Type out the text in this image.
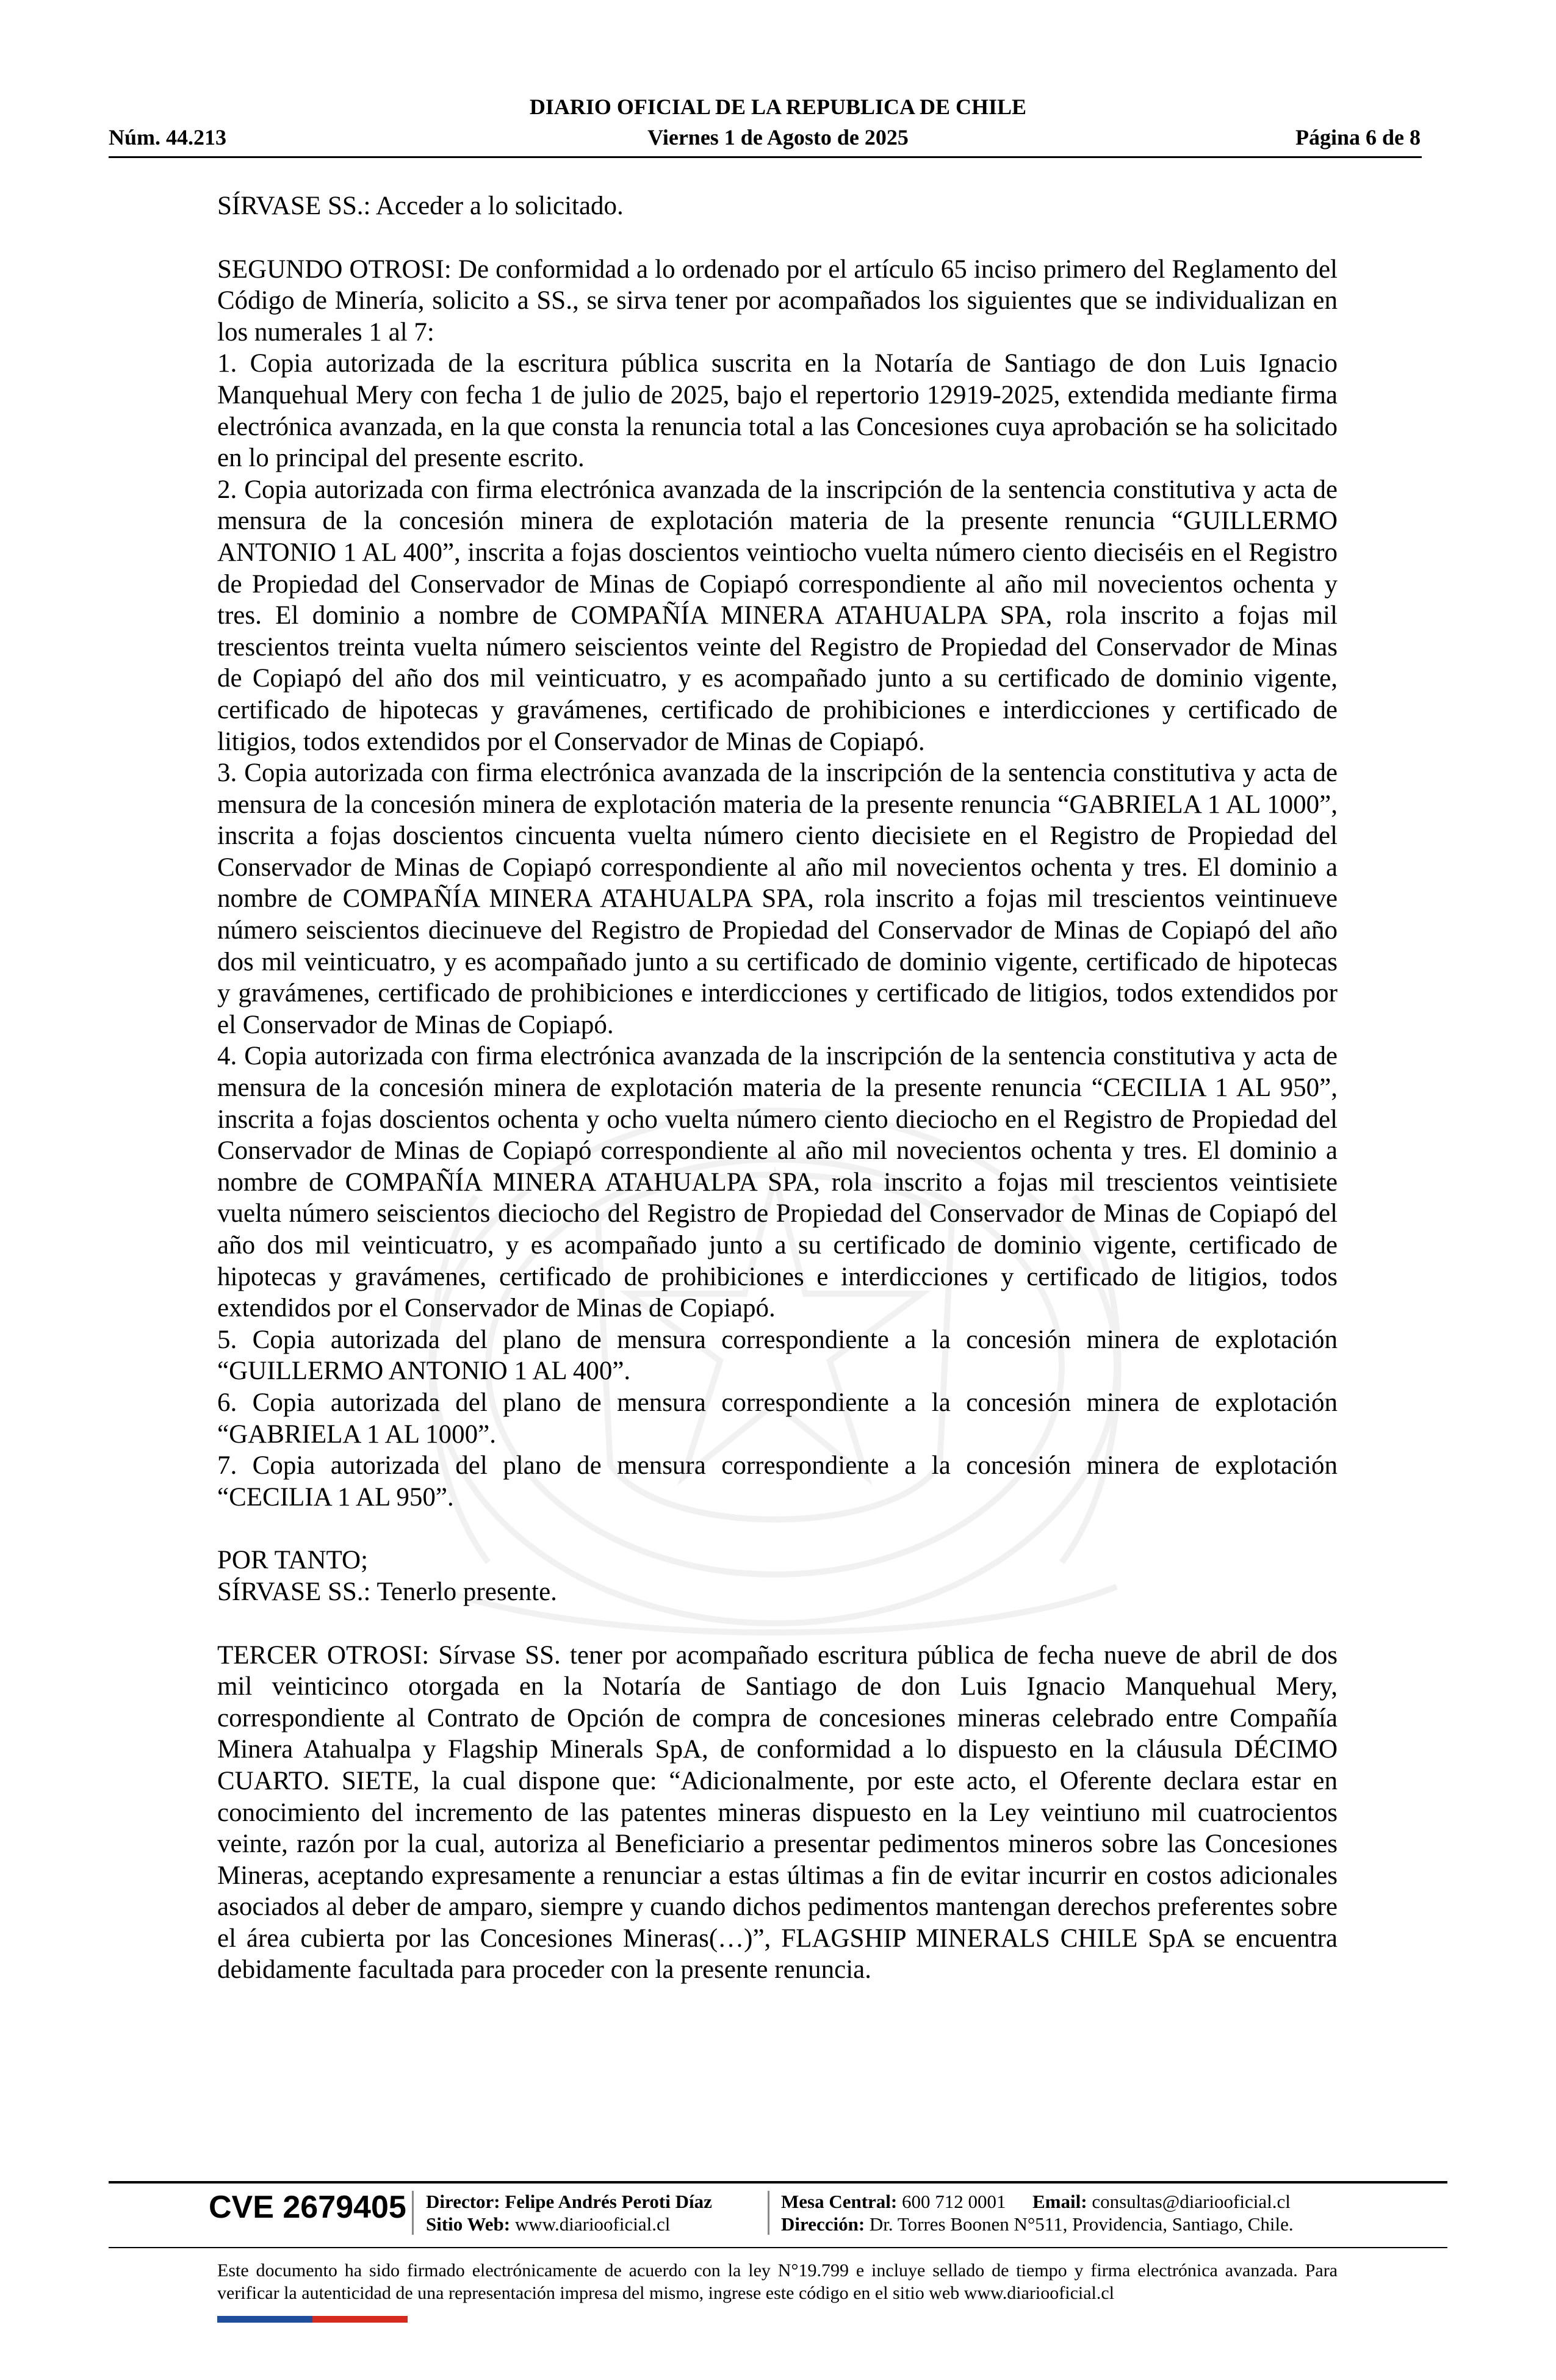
DIARIO OFICIAL DE LA REPUBLICA DE CHILE
Núm. 44.213	Viernes 1 de Agosto de 2025	Página 6 de 8

SÍRVASE SS.: Acceder a lo solicitado.

SEGUNDO OTROSI: De conformidad a lo ordenado por el artículo 65 inciso primero del Reglamento del Código de Minería, solicito a SS., se sirva tener por acompañados los siguientes que se individualizan en los numerales 1 al 7:

1. Copia autorizada de la escritura pública suscrita en la Notaría de Santiago de don Luis Ignacio Manquehual Mery con fecha 1 de julio de 2025, bajo el repertorio 12919-2025, extendida mediante firma electrónica avanzada, en la que consta la renuncia total a las Concesiones cuya aprobación se ha solicitado en lo principal del presente escrito.

2. Copia autorizada con firma electrónica avanzada de la inscripción de la sentencia constitutiva y acta de mensura de la concesión minera de explotación materia de la presente renuncia “GUILLERMO ANTONIO 1 AL 400”, inscrita a fojas doscientos veintiocho vuelta número ciento dieciséis en el Registro de Propiedad del Conservador de Minas de Copiapó correspondiente al año mil novecientos ochenta y tres. El dominio a nombre de COMPAÑÍA MINERA ATAHUALPA SPA, rola inscrito a fojas mil trescientos treinta vuelta número seiscientos veinte del Registro de Propiedad del Conservador de Minas de Copiapó del año dos mil veinticuatro, y es acompañado junto a su certificado de dominio vigente, certificado de hipotecas y gravámenes, certificado de prohibiciones e interdicciones y certificado de litigios, todos extendidos por el Conservador de Minas de Copiapó.

3. Copia autorizada con firma electrónica avanzada de la inscripción de la sentencia constitutiva y acta de mensura de la concesión minera de explotación materia de la presente renuncia “GABRIELA 1 AL 1000”, inscrita a fojas doscientos cincuenta vuelta número ciento diecisiete en el Registro de Propiedad del Conservador de Minas de Copiapó correspondiente al año mil novecientos ochenta y tres. El dominio a nombre de COMPAÑÍA MINERA ATAHUALPA SPA, rola inscrito a fojas mil trescientos veintinueve número seiscientos diecinueve del Registro de Propiedad del Conservador de Minas de Copiapó del año dos mil veinticuatro, y es acompañado junto a su certificado de dominio vigente, certificado de hipotecas y gravámenes, certificado de prohibiciones e interdicciones y certificado de litigios, todos extendidos por el Conservador de Minas de Copiapó.

4. Copia autorizada con firma electrónica avanzada de la inscripción de la sentencia constitutiva y acta de mensura de la concesión minera de explotación materia de la presente renuncia “CECILIA 1 AL 950”, inscrita a fojas doscientos ochenta y ocho vuelta número ciento dieciocho en el Registro de Propiedad del Conservador de Minas de Copiapó correspondiente al año mil novecientos ochenta y tres. El dominio a nombre de COMPAÑÍA MINERA ATAHUALPA SPA, rola inscrito a fojas mil trescientos veintisiete vuelta número seiscientos dieciocho del Registro de Propiedad del Conservador de Minas de Copiapó del año dos mil veinticuatro, y es acompañado junto a su certificado de dominio vigente, certificado de hipotecas y gravámenes, certificado de prohibiciones e interdicciones y certificado de litigios, todos extendidos por el Conservador de Minas de Copiapó.

5. Copia autorizada del plano de mensura correspondiente a la concesión minera de explotación “GUILLERMO ANTONIO 1 AL 400”.

6. Copia autorizada del plano de mensura correspondiente a la concesión minera de explotación “GABRIELA 1 AL 1000”.

7. Copia autorizada del plano de mensura correspondiente a la concesión minera de explotación “CECILIA 1 AL 950”.

POR TANTO;

SÍRVASE SS.: Tenerlo presente.

TERCER OTROSI: Sírvase SS. tener por acompañado escritura pública de fecha nueve de abril de dos mil veinticinco otorgada en la Notaría de Santiago de don Luis Ignacio Manquehual Mery, correspondiente al Contrato de Opción de compra de concesiones mineras celebrado entre Compañía Minera Atahualpa y Flagship Minerals SpA, de conformidad a lo dispuesto en la cláusula DÉCIMO CUARTO. SIETE, la cual dispone que: “Adicionalmente, por este acto, el Oferente declara estar en conocimiento del incremento de las patentes mineras dispuesto en la Ley veintiuno mil cuatrocientos veinte, razón por la cual, autoriza al Beneficiario a presentar pedimentos mineros sobre las Concesiones Mineras, aceptando expresamente a renunciar a estas últimas a fin de evitar incurrir en costos adicionales asociados al deber de amparo, siempre y cuando dichos pedimentos mantengan derechos preferentes sobre el área cubierta por las Concesiones Mineras(…)”, FLAGSHIP MINERALS CHILE SpA se encuentra debidamente facultada para proceder con la presente renuncia.

CVE 2679405 Director: Felipe Andrés Peroti Díaz
Sitio Web: www.diariooficial.cl
Mesa Central: 600 712 0001 Email: consultas@diariooficial.cl
Dirección: Dr. Torres Boonen N°511, Providencia, Santiago, Chile.
Este documento ha sido firmado electrónicamente de acuerdo con la ley N°19.799 e incluye sellado de tiempo y firma electrónica avanzada. Para verificar la autenticidad de una representación impresa del mismo, ingrese este código en el sitio web www.diariooficial.cl
